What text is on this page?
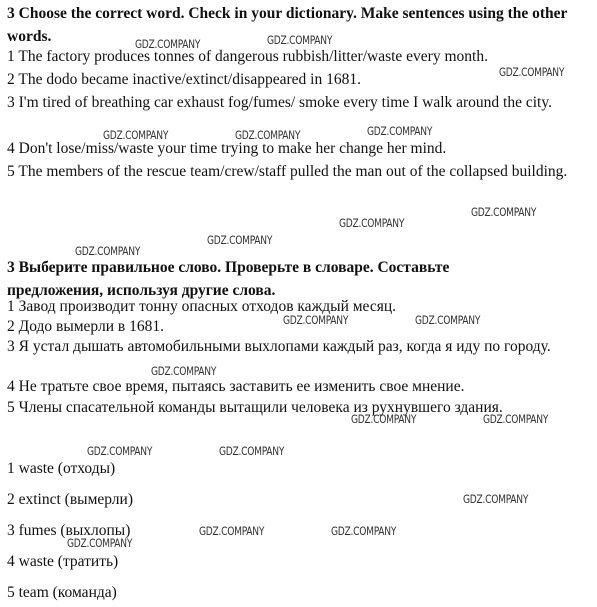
3 Choose the correct word. Check in your dictionary. Make sentences using the other words.

1 The factory produces tonnes of dangerous rubbish/litter/waste every month.

2 The dodo became inactive/extinct/disappeared in 1681.

3 I'm tired of breathing car exhaust fog/fumes/ smoke every time I walk around the city.

4 Don't lose/miss/waste your time trying to make her change her mind.

5 The members of the rescue team/crew/staff pulled the man out of the collapsed building.

3 Выберите правильное слово. Проверьте в словаре. Составьте предложения, используя другие слова.

1 Завод производит тонну опасных отходов каждый месяц.

2 Додо вымерли в 1681.

3 Я устал дышать автомобильными выхлопами каждый раз, когда я иду по городу.

4 Не тратьте свое время, пытаясь заставить ее изменить свое мнение.

5 Члены спасательной команды вытащили человека из рухнувшего здания.

1 waste (отходы)

2 extinct (вымерли)

3 fumes (выхлопы)

4 waste (тратить)

5 team (команда)

GDZ.COMPANY	GDZ.COMPANY
GDZ.COMPANY
GDZ.COMPANY	GDZ.COMPANY	GDZ.COMPANY
GDZ.COMPANY
GDZ.COMPANY
GDZ.COMPANY
GDZ.COMPANY
GDZ.COMPANY	GDZ.COMPANY
GDZ.COMPANY
GDZ.COMPANY	GDZ.COMPANY
GDZ.COMPANY	GDZ.COMPANY
GDZ.COMPANY
GDZ.COMPANY	GDZ.COMPANY
GDZ.COMPANY
